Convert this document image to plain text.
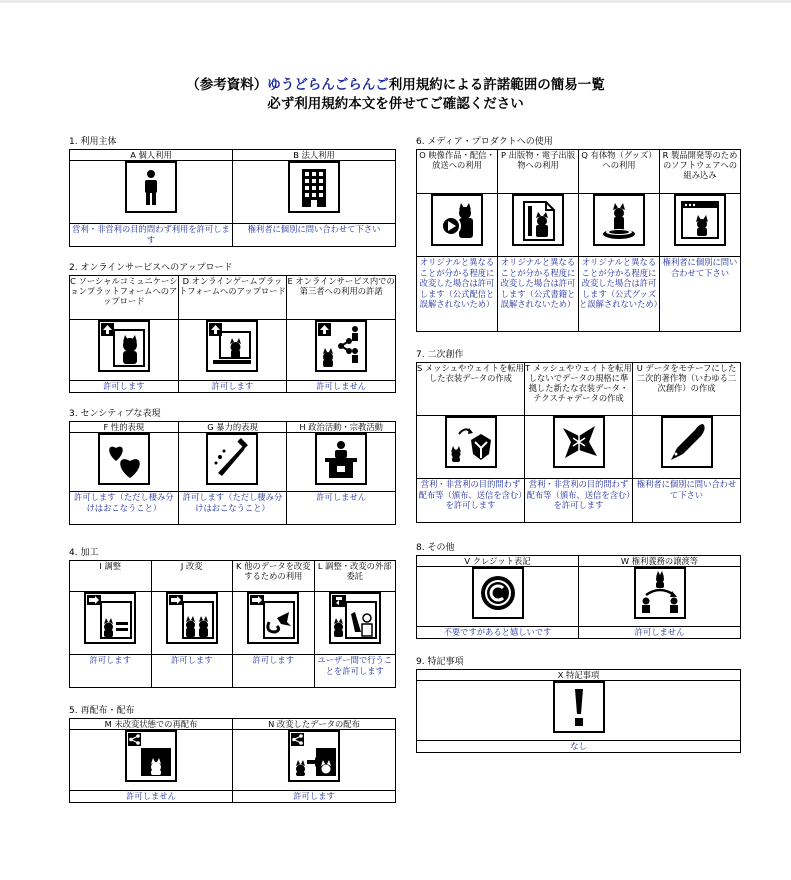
（参考資料）ゆうどらんごらんご利用規約による許諾範囲の簡易一覧
必ず利用規約本文を併せてご確認ください
1. 利用主体
A 個人利用	B 法人利用

営利・非営利の目的問わず利用を許可します	権利者に個別に問い合わせて下さい
2. オンラインサービスへのアップロード
C ソーシャルコミュニケーションプラットフォームへのアップロード	D オンラインゲームプラットフォームへのアップロード	E オンラインサービス内での第三者への利用の許諾

許可します	許可します	許可しません
3. センシティブな表現
F 性的表現	G 暴力的表現	H 政治活動・宗教活動

許可します（ただし棲み分けはおこなうこと）	許可します（ただし棲み分けはおこなうこと）	許可しません
4. 加工
I 調整	J 改変	K 他のデータを改変するための利用	L 調整・改変の外部委託

許可します	許可します	許可します	ユーザー間で行うことを許可します
5. 再配布・配布
M 未改変状態での再配布	N 改変したデータの配布

許可しません	許可します
6. メディア・プロダクトへの使用
O 映像作品・配信・放送への利用	P 出版物・電子出版物への利用	Q 有体物（グッズ）への利用	R 製品開発等のためのソフトウェアへの組み込み

オリジナルと異なることが分かる程度に改変した場合は許可します（公式配信と誤解されないため）	オリジナルと異なることが分かる程度に改変した場合は許可します（公式書籍と誤解されないため）	オリジナルと異なることが分かる程度に改変した場合は許可します（公式グッズと誤解されないため）	権利者に個別に問い合わせて下さい
7. 二次創作
S メッシュやウェイトを転用した衣装データの作成	T メッシュやウェイトを転用しないでデータの規格に準拠した新たな衣装データ・テクスチャデータの作成	U データをモチーフにした二次的著作物（いわゆる二次創作）の作成

営利・非営利の目的問わず配布等（頒布、送信を含む）を許可します	営利・非営利の目的問わず配布等（頒布、送信を含む）を許可します	権利者に個別に問い合わせて下さい
8. その他
V クレジット表記	W 権利義務の譲渡等

不要ですがあると嬉しいです	許可しません
9. 特記事項
X 特記事項

なし
